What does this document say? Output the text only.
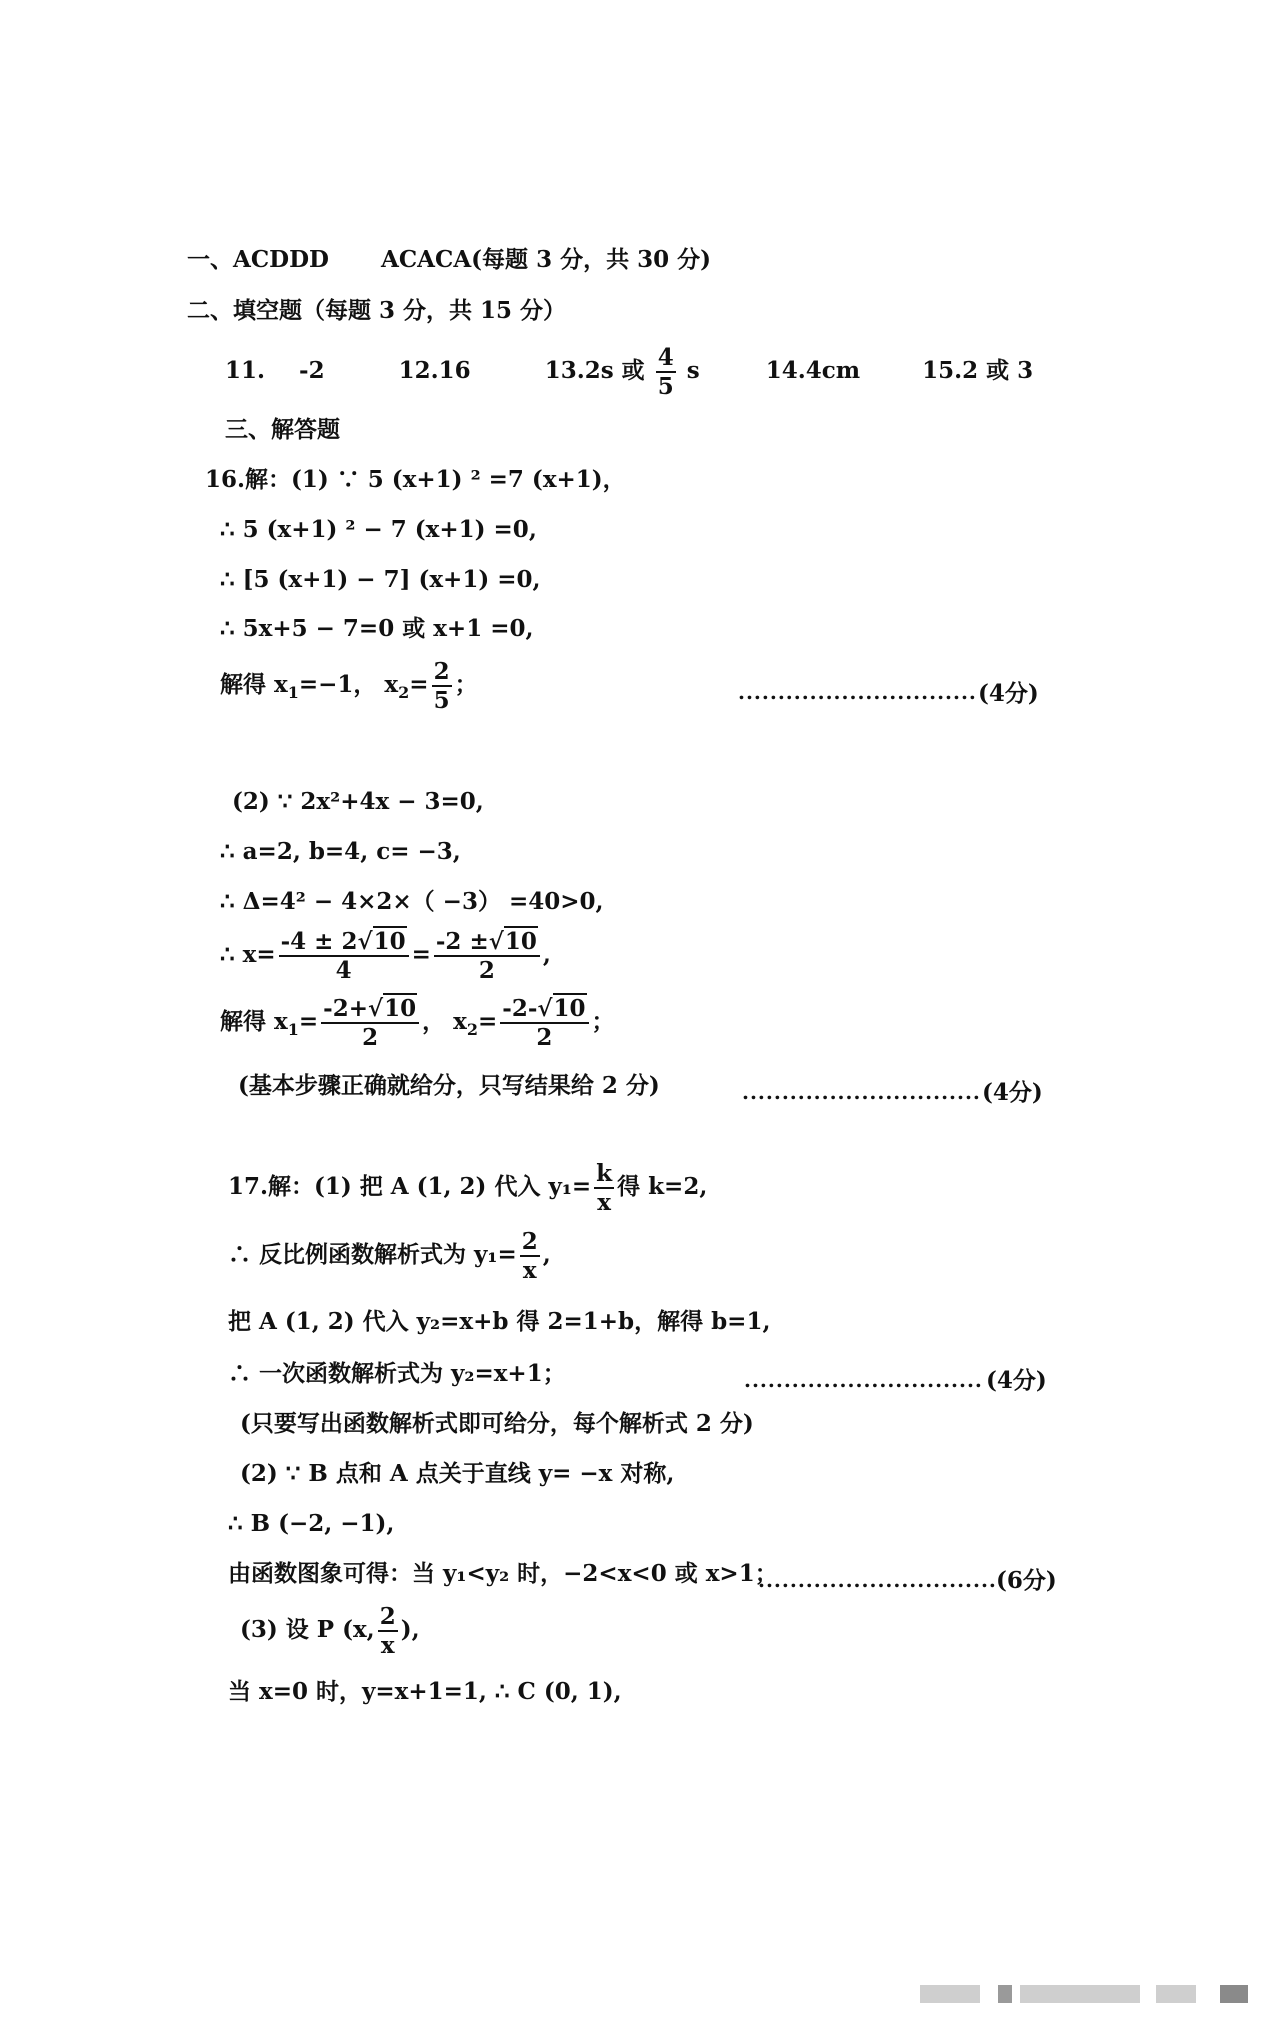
一、ACDDD ACACA(每题 3 分，共 30 分)
二、填空题（每题 3 分，共 15 分）
11. -2	12.16	13.2s 或 $\frac{4}{5}$ s	14.4cm	15.2 或 3
三、解答题
16.解：(1) ∵ 5 (x+1) ² =7 (x+1)，
∴ 5 (x+1) ² − 7 (x+1) =0,
∴ [5 (x+1) − 7] (x+1) =0,
∴ 5x+5 − 7=0 或 x+1 =0,
解得 $x_1=-1$， $x_2= \frac{2}{5}$ ；	.............................. (4分)
(2) ∵ 2x²+4x − 3=0,
∴ a=2, b=4, c= −3,
∴ Δ=4² − 4×2×（ −3） =40>0,
∴ $x= \frac{-4 \pm 2√10}{4} = \frac{-2 \pm√10}{2}$ ,
解得 $x_1= \frac{-2+√10}{2}$ ， $x_2= \frac{-2-√10}{2}$ ；
(基本步骤正确就给分，只写结果给 2 分)	.............................. (4分)
17.解：(1) 把 A (1, 2) 代入 $y_1= \frac{k}{x}$ 得 k=2,
∴ 反比例函数解析式为 $y_1= \frac{2}{x}$ ,
把 A (1, 2) 代入 y₂=x+b 得 2=1+b，解得 b=1,
∴ 一次函数解析式为 y₂=x+1；	.............................. (4分)
(只要写出函数解析式即可给分，每个解析式 2 分)
(2) ∵ B 点和 A 点关于直线 y= −x 对称,
∴ B (−2, −1),
由函数图象可得：当 y₁<y₂ 时，−2<x<0 或 x>1；
.............................. (6分)
(3) 设 P (x, $\frac{2}{x}$ ),
当 x=0 时，y=x+1=1, ∴ C (0, 1),
